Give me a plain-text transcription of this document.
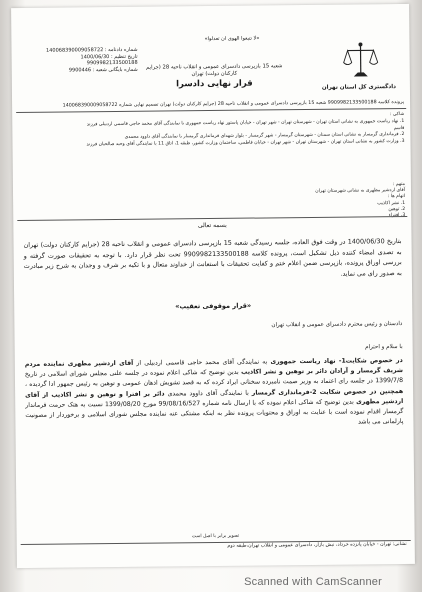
«لا تتبعوا الهوی ان تعدلوا»
شماره دادنامه : 140068390009058722
تاریخ تنظیم : 1400/06/30
9909982133500188
شماره بایگانی شعبه : 9900446	شعبه 15 بازپرسی دادسرای عمومی و انقلاب ناحیه 28 (جرایم
کارکنان دولت) تهران
قرار نهایی دادسرا	دادگستری کل استان تهران
پرونده کلاسه 9909982133500188 شعبه 15 بازپرسی دادسرای عمومی و انقلاب ناحیه 28 (جرایم کارکنان دولت) تهران تصمیم نهایی شماره 140068390009058722
شاکی :
1. نهاد ریاست جمهوری به نشانی استان تهران - شهرستان تهران - شهر تهران - خیابان پاستور نهاد ریاست جمهوری با نمایندگی آقای محمد حاجی قاسمی اردبیلی فرزند
قاسم
2. فرمانداری گرمسار به نشانی استان سمنان - شهرستان گرمسار - شهر گرمسار - بلوار شهدای فرمانداری گرمسار با نمایندگی آقای داوود محمدی
3. وزارت کشور به نشانی استان تهران - شهرستان تهران - شهر تهران - خیابان فاطمی، ساختمان وزارت کشور، طبقه 1، اتاق 11 با نمایندگی آقای وحید صالحیان فرزند
متهم :
آقای اردشیر مطهری به نشانی شهرستان تهران
اتهام ها :
1. نشر اکاذیب
2. توهین
3. افتراء
بسمه تعالی
بتاریخ 1400/06/30 در وقت فوق العاده، جلسه رسیدگی شعبه 15 بازپرسی دادسرای عمومی و انقلاب ناحیه 28 (جرایم کارکنان دولت) تهران به تصدی امضاء کننده ذیل تشکیل است، پرونده کلاسه 9909982133500188 تحت نظر قرار دارد. با توجه به تحقیقات صورت گرفته و بررسی اوراق پرونده، بازپرسی ضمن اعلام ختم و کفایت تحقیقات با استعانت از خداوند متعال و با تکیه بر شرف و وجدان به شرح زیر مبادرت به صدور رای می نماید.
«قرار موقوفی تعقیب»
دادستان و رئیس محترم دادسرای عمومی و انقلاب تهران
با سلام و احترام
در خصوص شکایت1- نهاد ریاست جمهوری به نمایندگی آقای محمد حاجی قاسمی اردبیلی از آقای اردشیر مطهری نماینده مردم شریف گرمسار و آرادان دائر بر توهین و نشر اکاذیب بدین توضیح که شاکی اعلام نموده در جلسه علنی مجلس شورای اسلامی در تاریخ 1399/7/8 در جلسه رای اعتماد به وزیر صمت نامبرده سخنانی ایراد کرده که به قصد تشویش اذهان عمومی و توهین به رئیس جمهور ادا گردیده ، همچنین در خصوص شکایت 2-فرمانداری گرمسار با نمایندگی آقای داوود محمدی دائر بر افترا و توهین و نشر اکاذیب از آقای اردشیر مطهری بدین توضیح که شاکی اعلام نموده که با ارسال نامه شماره 99/08/16/527 مورخ 1399/08/20 نسبت به هتک حرمت فرماندار گرمسار اقدام نموده است با عنایت به اوراق و محتویات پرونده نظر به اینکه مشتکی عنه نماینده مجلس شورای اسلامی و برخوردار از مصونیت پارلمانی می باشد
تصویر برابر با اصل است
نشانی: تهران - خیابان پانزده خرداد، نبش بازار، دادسرای عمومی و انقلاب تهران،طبقه دوم
Scanned with CamScanner
